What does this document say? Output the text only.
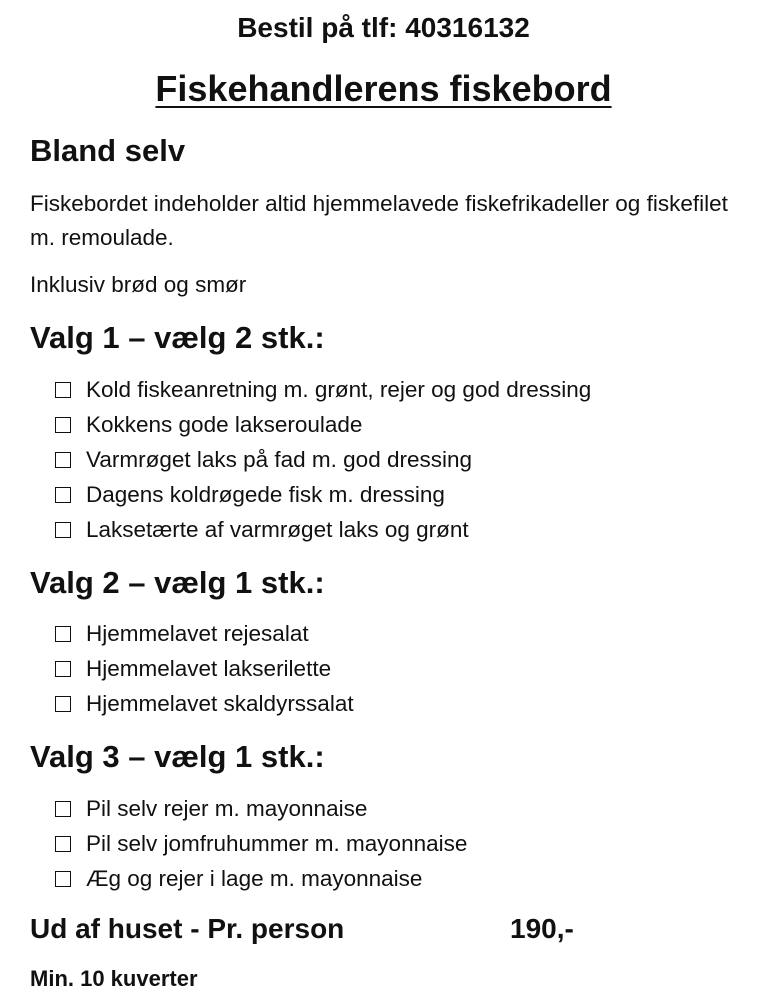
Bestil på tlf: 40316132
Fiskehandlerens fiskebord
Bland selv

Fiskebordet indeholder altid hjemmelavede fiskefrikadeller og fiskefilet m. remoulade.

Inklusiv brød og smør

Valg 1 – vælg 2 stk.:
Kold fiskeanretning m. grønt, rejer og god dressing
Kokkens gode lakseroulade
Varmrøget laks på fad m. god dressing
Dagens koldrøgede fisk m. dressing
Laksetærte af varmrøget laks og grønt
Valg 2 – vælg 1 stk.:
Hjemmelavet rejesalat
Hjemmelavet lakserilette
Hjemmelavet skaldyrssalat
Valg 3 – vælg 1 stk.:
Pil selv rejer m. mayonnaise
Pil selv jomfruhummer m. mayonnaise
Æg og rejer i lage m. mayonnaise
Ud af huset - Pr. person	190,-
Min. 10 kuverter
